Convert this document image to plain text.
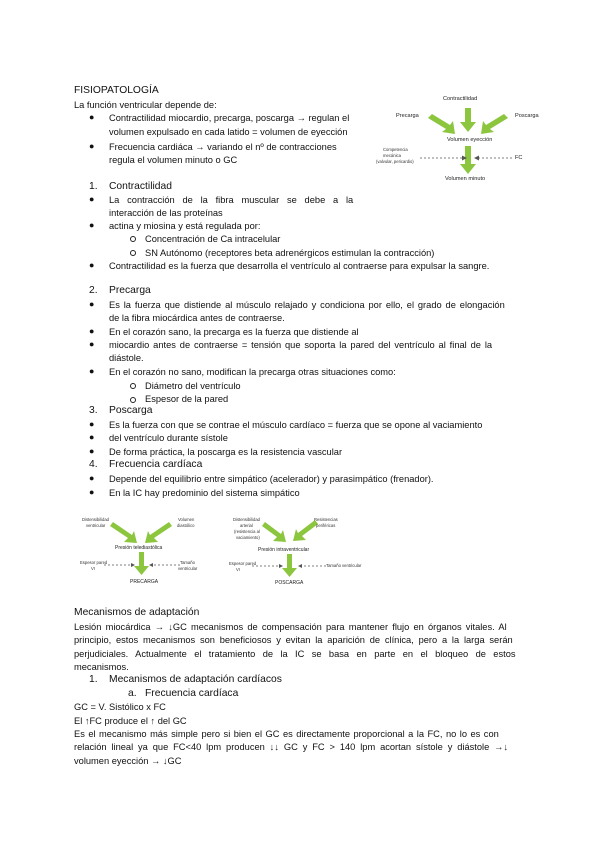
FISIOPATOLOGÍA
La función ventricular depende de:
● Contractilidad miocardio, precarga, poscarga → regulan el
volumen expulsado en cada latido = volumen de eyección
● Frecuencia cardiáca → variando el nº de contracciones
regula el volumen minuto o GC
Contractilidad
Precarga	Poscarga
Volumen eyección
Competencia
mecánica
(valvular, pericardio)
FC
Volumen minuto
1. Contractilidad
● La contracción de la fibra muscular se debe a la
interacción de las proteínas
● actina y miosina y está regulada por:
Concentración de Ca intracelular
SN Autónomo (receptores beta adrenérgicos estimulan la contracción)
● Contractilidad es la fuerza que desarrolla el ventrículo al contraerse para expulsar la sangre.
2. Precarga
● Es la fuerza que distiende al músculo relajado y condiciona por ello, el grado de elongación
de la fibra miocárdica antes de contraerse.
● En el corazón sano, la precarga es la fuerza que distiende al
● miocardio antes de contraerse = tensión que soporta la pared del ventrículo al final de la
diástole.
● En el corazón no sano, modifican la precarga otras situaciones como:
Diámetro del ventrículo
Espesor de la pared
3. Poscarga
● Es la fuerza con que se contrae el músculo cardíaco = fuerza que se opone al vaciamiento
● del ventrículo durante sístole
● De forma práctica, la poscarga es la resistencia vascular
4. Frecuencia cardíaca
● Depende del equilibrio entre simpático (acelerador) y parasimpático (frenador).
● En la IC hay predominio del sistema simpático
Distensibilidad
ventricular
Volumen
diastólico
Presión telediastólica
Espesor pared
VI
Tamaño
ventricular
PRECARGA
Distensibilidad
arterial
(resistencia al
vaciamiento)
Resistencias
periféricas
Presión intraventricular
Espesor pared
VI
Tamaño ventricular
POSCARGA
Mecanismos de adaptación
Lesión miocárdica → ↓GC mecanismos de compensación para mantener flujo en órganos vitales. Al
principio, estos mecanismos son beneficiosos y evitan la aparición de clínica, pero a la larga serán
perjudiciales. Actualmente el tratamiento de la IC se basa en parte en el bloqueo de estos
mecanismos.
1. Mecanismos de adaptación cardíacos
a. Frecuencia cardíaca
GC = V. Sistólico x FC
El ↑FC produce el ↑ del GC
Es el mecanismo más simple pero si bien el GC es directamente proporcional a la FC, no lo es con
relación lineal ya que FC<40 lpm producen ↓↓ GC y FC > 140 lpm acortan sístole y diástole →↓
volumen eyección → ↓GC
